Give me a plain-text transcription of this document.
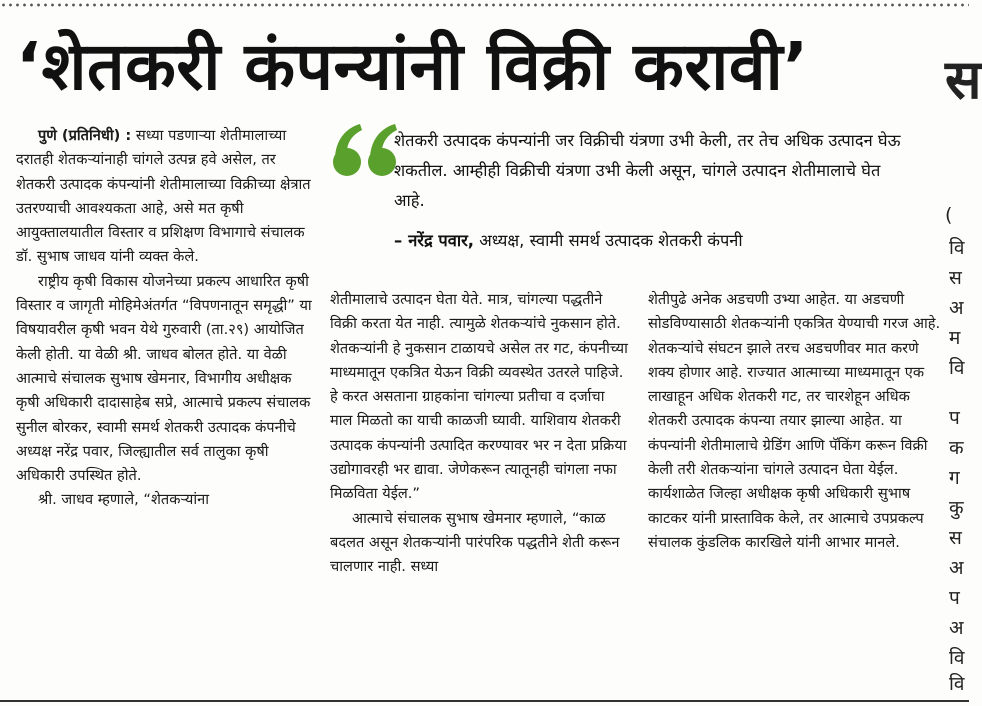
‘शेतकरी कंपन्यांनी विक्री करावी’	स
(
वि
स
अ
म
वि
प
क
ग
कु
स
अ
प
अ
वि
वि

पुणे (प्रतिनिधी) : सध्या पडणाऱ्या शेतीमालाच्या दरातही शेतकऱ्यांनाही चांगले उत्पन्न हवे असेल, तर शेतकरी उत्पादक कंपन्यांनी शेतीमालाच्या विक्रीच्या क्षेत्रात उतरण्याची आवश्यकता आहे, असे मत कृषी आयुक्तालयातील विस्तार व प्रशिक्षण विभागाचे संचालक डॉ. सुभाष जाधव यांनी व्यक्त केले.

राष्ट्रीय कृषी विकास योजनेच्या प्रकल्प आधारित कृषी विस्तार व जागृती मोहिमेअंतर्गत “विपणनातून समृद्धी” या विषयावरील कृषी भवन येथे गुरुवारी (ता.२९) आयोजित केली होती. या वेळी श्री. जाधव बोलत होते. या वेळी आत्माचे संचालक सुभाष खेमनार, विभागीय अधीक्षक कृषी अधिकारी दादासाहेब सप्रे, आत्माचे प्रकल्प संचालक सुनील बोरकर, स्वामी समर्थ शेतकरी उत्पादक कंपनीचे अध्यक्ष नरेंद्र पवार, जिल्ह्यातील सर्व तालुका कृषी अधिकारी उपस्थित होते.

श्री. जाधव म्हणाले, “शेतकऱ्यांना

शेतकरी उत्पादक कंपन्यांनी जर विक्रीची यंत्रणा उभी केली, तर तेच अधिक उत्पादन घेऊ शकतील. आम्हीही विक्रीची यंत्रणा उभी केली असून, चांगले उत्पादन शेतीमालाचे घेत आहे.
– नरेंद्र पवार, अध्यक्ष, स्वामी समर्थ उत्पादक शेतकरी कंपनी

शेतीमालाचे उत्पादन घेता येते. मात्र, चांगल्या पद्धतीने विक्री करता येत नाही. त्यामुळे शेतकऱ्यांचे नुकसान होते. शेतकऱ्यांनी हे नुकसान टाळायचे असेल तर गट, कंपनीच्या माध्यमातून एकत्रित येऊन विक्री व्यवस्थेत उतरले पाहिजे. हे करत असताना ग्राहकांना चांगल्या प्रतीचा व दर्जाचा माल मिळतो का याची काळजी घ्यावी. याशिवाय शेतकरी उत्पादक कंपन्यांनी उत्पादित करण्यावर भर न देता प्रक्रिया उद्योगावरही भर द्यावा. जेणेकरून त्यातूनही चांगला नफा मिळविता येईल.”

आत्माचे संचालक सुभाष खेमनार म्हणाले, “काळ बदलत असून शेतकऱ्यांनी पारंपरिक पद्धतीने शेती करून चालणार नाही. सध्या

शेतीपुढे अनेक अडचणी उभ्या आहेत. या अडचणी सोडविण्यासाठी शेतकऱ्यांनी एकत्रित येण्याची गरज आहे. शेतकऱ्यांचे संघटन झाले तरच अडचणीवर मात करणे शक्य होणार आहे. राज्यात आत्माच्या माध्यमातून एक लाखाहून अधिक शेतकरी गट, तर चारशेहून अधिक शेतकरी उत्पादक कंपन्या तयार झाल्या आहेत. या कंपन्यांनी शेतीमालाचे ग्रेडिंग आणि पॅकिंग करून विक्री केली तरी शेतकऱ्यांना चांगले उत्पादन घेता येईल. कार्यशाळेत जिल्हा अधीक्षक कृषी अधिकारी सुभाष काटकर यांनी प्रास्ताविक केले, तर आत्माचे उपप्रकल्प संचालक कुंडलिक कारखिले यांनी आभार मानले.
